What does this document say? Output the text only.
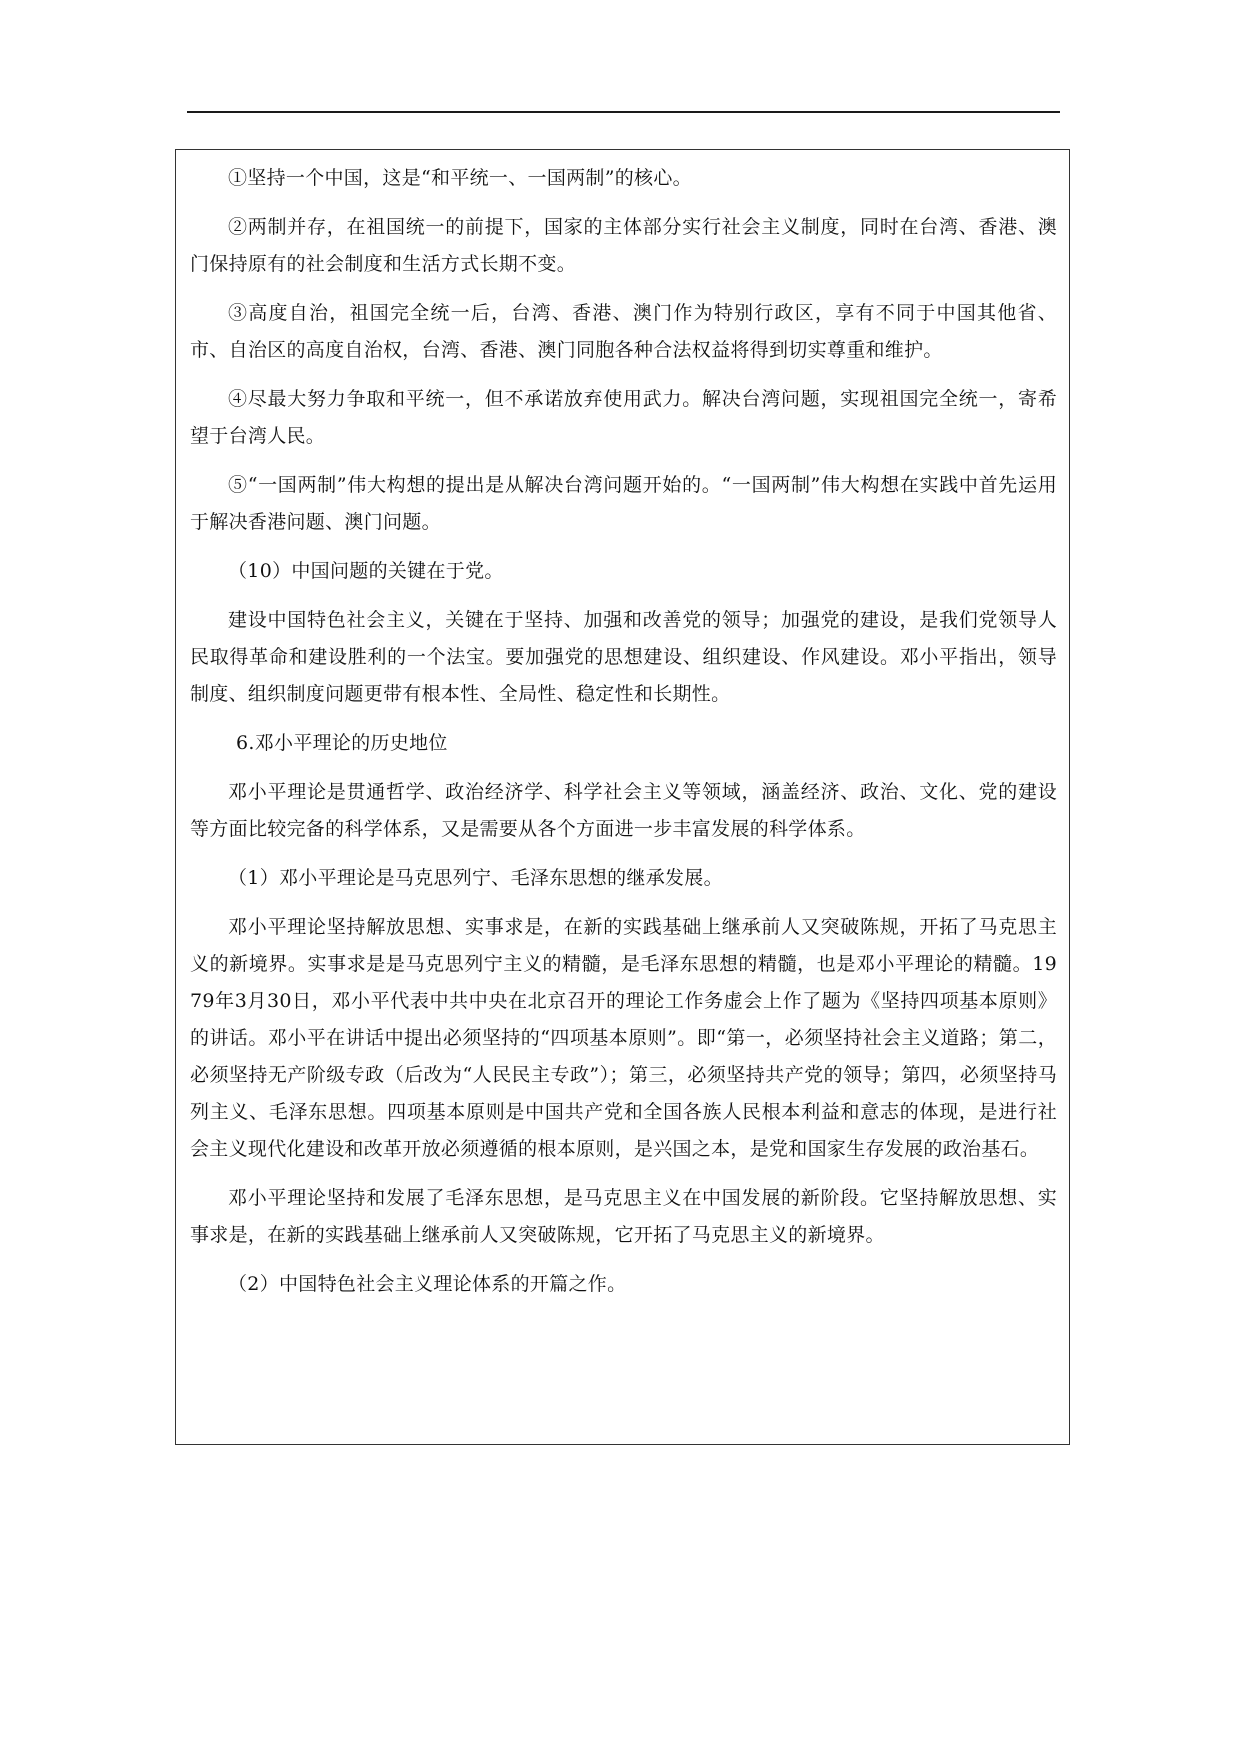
①坚持一个中国，这是“和平统一、一国两制”的核心。

②两制并存，在祖国统一的前提下，国家的主体部分实行社会主义制度，同时在台湾、香港、澳门保持原有的社会制度和生活方式长期不变。

③高度自治，祖国完全统一后，台湾、香港、澳门作为特别行政区，享有不同于中国其他省、市、自治区的高度自治权，台湾、香港、澳门同胞各种合法权益将得到切实尊重和维护。

④尽最大努力争取和平统一，但不承诺放弃使用武力。解决台湾问题，实现祖国完全统一，寄希望于台湾人民。

⑤“一国两制”伟大构想的提出是从解决台湾问题开始的。“一国两制”伟大构想在实践中首先运用于解决香港问题、澳门问题。

（10）中国问题的关键在于党。

建设中国特色社会主义，关键在于坚持、加强和改善党的领导；加强党的建设，是我们党领导人民取得革命和建设胜利的一个法宝。要加强党的思想建设、组织建设、作风建设。邓小平指出，领导制度、组织制度问题更带有根本性、全局性、稳定性和长期性。

6.邓小平理论的历史地位

邓小平理论是贯通哲学、政治经济学、科学社会主义等领域，涵盖经济、政治、文化、党的建设等方面比较完备的科学体系，又是需要从各个方面进一步丰富发展的科学体系。

（1）邓小平理论是马克思列宁、毛泽东思想的继承发展。

邓小平理论坚持解放思想、实事求是，在新的实践基础上继承前人又突破陈规，开拓了马克思主义的新境界。实事求是是马克思列宁主义的精髓，是毛泽东思想的精髓，也是邓小平理论的精髓。1979年3月30日，邓小平代表中共中央在北京召开的理论工作务虚会上作了题为《坚持四项基本原则》的讲话。邓小平在讲话中提出必须坚持的“四项基本原则”。即“第一，必须坚持社会主义道路；第二，必须坚持无产阶级专政（后改为“人民民主专政”）；第三，必须坚持共产党的领导；第四，必须坚持马列主义、毛泽东思想。四项基本原则是中国共产党和全国各族人民根本利益和意志的体现，是进行社会主义现代化建设和改革开放必须遵循的根本原则，是兴国之本，是党和国家生存发展的政治基石。

邓小平理论坚持和发展了毛泽东思想，是马克思主义在中国发展的新阶段。它坚持解放思想、实事求是，在新的实践基础上继承前人又突破陈规，它开拓了马克思主义的新境界。

（2）中国特色社会主义理论体系的开篇之作。
